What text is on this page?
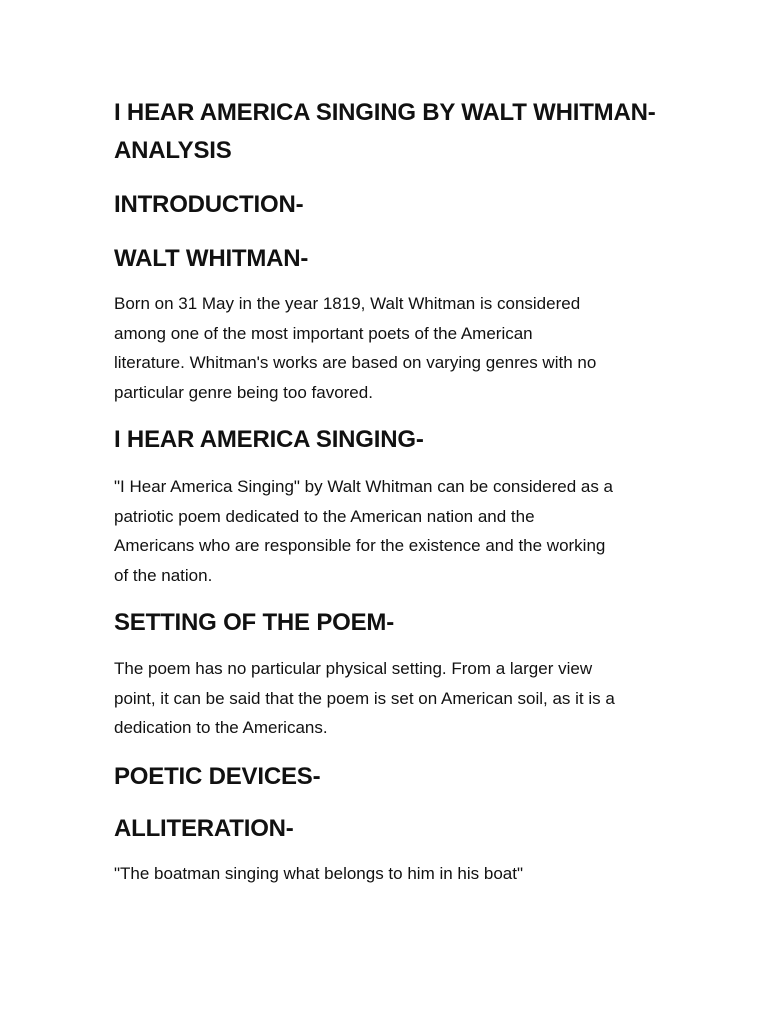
I HEAR AMERICA SINGING BY WALT WHITMAN-
ANALYSIS
INTRODUCTION-
WALT WHITMAN-

Born on 31 May in the year 1819, Walt Whitman is considered
among one of the most important poets of the American
literature. Whitman's works are based on varying genres with no
particular genre being too favored.

I HEAR AMERICA SINGING-

"I Hear America Singing" by Walt Whitman can be considered as a
patriotic poem dedicated to the American nation and the
Americans who are responsible for the existence and the working
of the nation.

SETTING OF THE POEM-

The poem has no particular physical setting. From a larger view
point, it can be said that the poem is set on American soil, as it is a
dedication to the Americans.

POETIC DEVICES-
ALLITERATION-

"The boatman singing what belongs to him in his boat"
